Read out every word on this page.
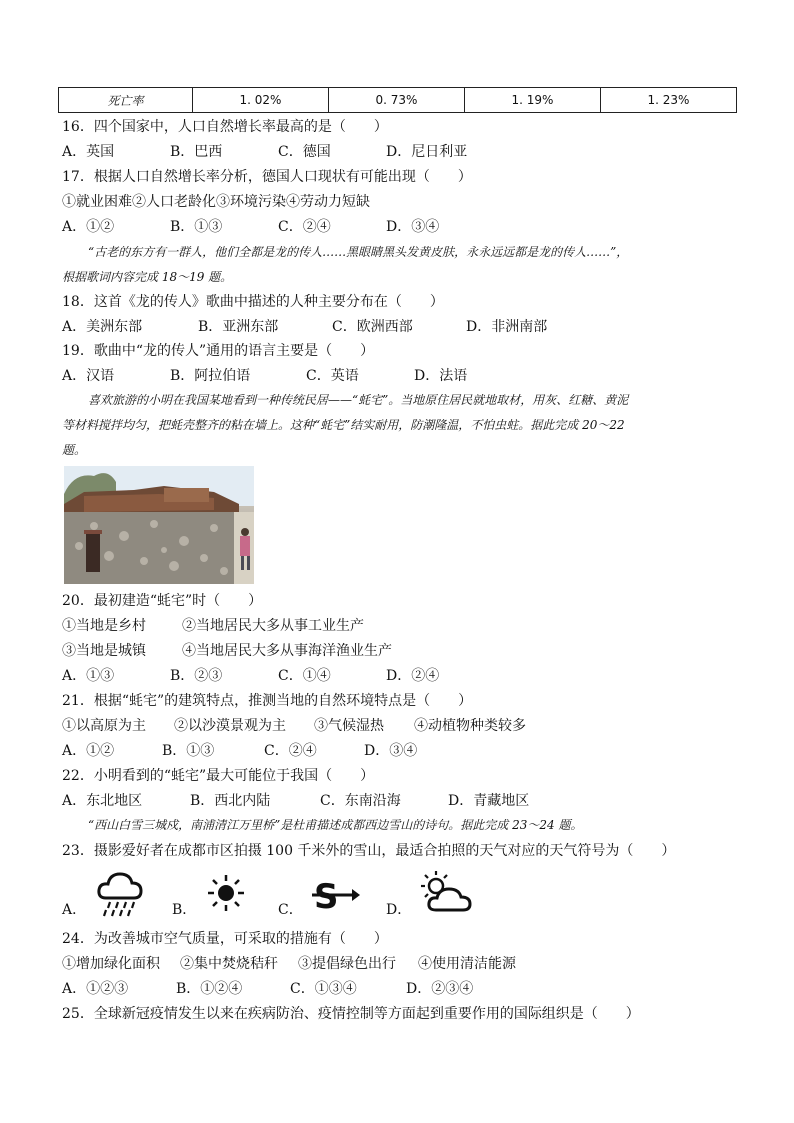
死亡率	1. 02%	0. 73%	1. 19%	1. 23%
16．四个国家中，人口自然增长率最高的是（　　）
A．英国	B．巴西	C．德国	D．尼日利亚
17．根据人口自然增长率分析，德国人口现状有可能出现（　　）
①就业困难②人口老龄化③环境污染④劳动力短缺
A．①②	B．①③	C．②④	D．③④
“古老的东方有一群人，他们全都是龙的传人……黑眼睛黑头发黄皮肤，永永远远都是龙的传人……”，
根据歌词内容完成 18～19 题。
18．这首《龙的传人》歌曲中描述的人种主要分布在（　　）
A．美洲东部	B．亚洲东部	C．欧洲西部	D．非洲南部
19．歌曲中“龙的传人”通用的语言主要是（　　）
A．汉语	B．阿拉伯语	C．英语	D．法语
喜欢旅游的小明在我国某地看到一种传统民居——“蚝宅”。当地原住居民就地取材，用灰、红糖、黄泥
等材料搅拌均匀，把蚝壳整齐的粘在墙上。这种“蚝宅”结实耐用，防潮隆温，不怕虫蛀。据此完成 20～22
题。
20．最初建造“蚝宅”时（　　）
①当地是乡村	②当地居民大多从事工业生产
③当地是城镇	④当地居民大多从事海洋渔业生产
A．①③	B．②③	C．①④	D．②④
21．根据“蚝宅”的建筑特点，推测当地的自然环境特点是（　　）
①以高原为主 ②以沙漠景观为主 ③气候湿热 ④动植物种类较多
A．①②	B．①③	C．②④	D．③④
22．小明看到的“蚝宅”最大可能位于我国（　　）
A．东北地区	B．西北内陆	C．东南沿海	D．青藏地区
“西山白雪三城戍，南浦清江万里桥”是杜甫描述成都西边雪山的诗句。据此完成 23～24 题。
23．摄影爱好者在成都市区拍摄 100 千米外的雪山，最适合拍照的天气对应的天气符号为（　　）
A．	B．	C．	D．
S
24．为改善城市空气质量，可采取的措施有（　　）
①增加绿化面积 ②集中焚烧秸秆 ③提倡绿色出行 ④使用清洁能源
A．①②③	B．①②④	C．①③④	D．②③④
25．全球新冠疫情发生以来在疾病防治、疫情控制等方面起到重要作用的国际组织是（　　）
